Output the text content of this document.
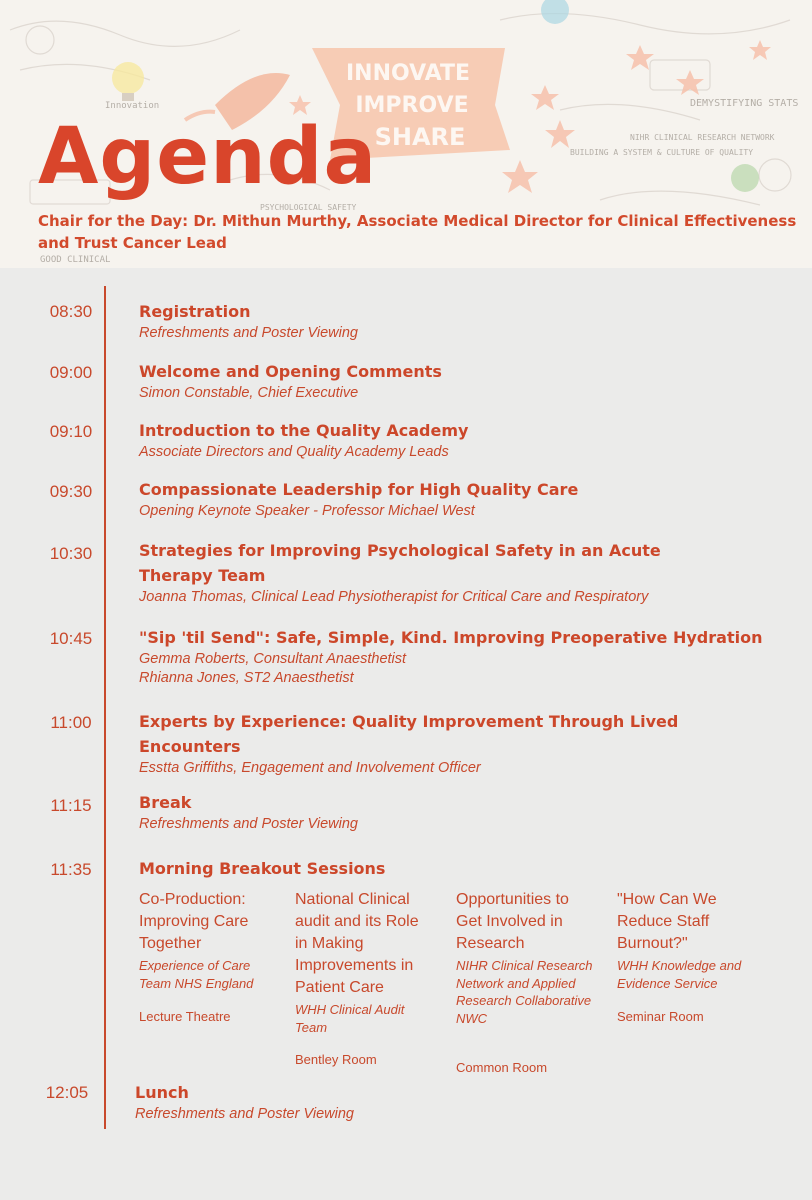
INNOVATE
IMPROVE
SHARE
DEMYSTIFYING STATS
NIHR CLINICAL RESEARCH NETWORK
BUILDING A SYSTEM & CULTURE OF QUALITY
PSYCHOLOGICAL SAFETY
GOOD CLINICAL
Innovation
Agenda
Chair for the Day: Dr. Mithun Murthy, Associate Medical Director for Clinical Effectiveness and Trust Cancer Lead
08:30	Registration
Refreshments and Poster Viewing
09:00	Welcome and Opening Comments
Simon Constable, Chief Executive
09:10	Introduction to the Quality Academy
Associate Directors and Quality Academy Leads
09:30	Compassionate Leadership for High Quality Care
Opening Keynote Speaker - Professor Michael West
10:30	Strategies for Improving Psychological Safety in an Acute Therapy Team
Joanna Thomas, Clinical Lead Physiotherapist for Critical Care and Respiratory
10:45	"Sip 'til Send": Safe, Simple, Kind. Improving Preoperative Hydration
Gemma Roberts, Consultant Anaesthetist
Rhianna Jones, ST2 Anaesthetist
11:00	Experts by Experience: Quality Improvement Through Lived Encounters
Esstta Griffiths, Engagement and Involvement Officer
11:15	Break
Refreshments and Poster Viewing
11:35	Morning Breakout Sessions
Co-Production: Improving Care Together
Experience of Care Team NHS England
Lecture Theatre
National Clinical audit and its Role in Making Improvements in Patient Care
WHH Clinical Audit Team
Bentley Room
Opportunities to Get Involved in Research
NIHR Clinical Research Network and Applied Research Collaborative NWC
Common Room
"How Can We Reduce Staff Burnout?"
WHH Knowledge and Evidence Service
Seminar Room
12:05	Lunch
Refreshments and Poster Viewing
